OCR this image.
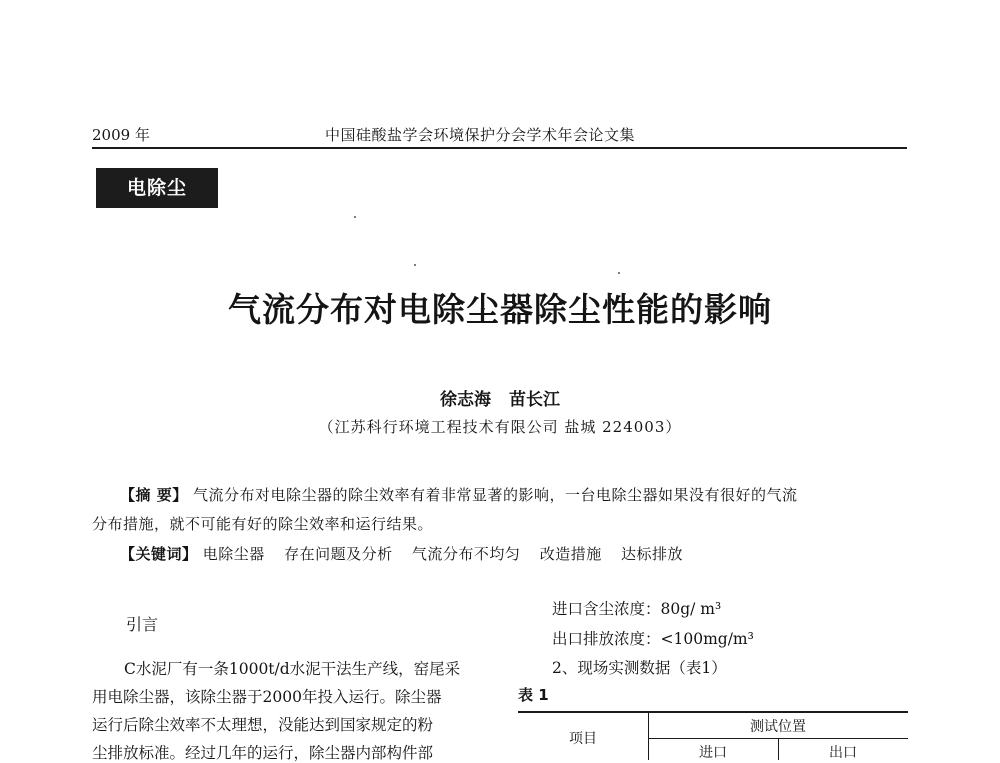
2009 年	中国硅酸盐学会环境保护分会学术年会论文集
电除尘
气流分布对电除尘器除尘性能的影响
徐志海 苗长江
（江苏科行环境工程技术有限公司 盐城 224003）
【摘 要】 气流分布对电除尘器的除尘效率有着非常显著的影响，一台电除尘器如果没有很好的气流
分布措施，就不可能有好的除尘效率和运行结果。
【关键词】 电除尘器 存在问题及分析 气流分布不均匀 改造措施 达标排放
引言
C水泥厂有一条1000t/d水泥干法生产线，窑尾采
用电除尘器，该除尘器于2000年投入运行。除尘器
运行后除尘效率不太理想，没能达到国家规定的粉
尘排放标准。经过几年的运行，除尘器内部构件部
进口含尘浓度：80g/ m³
出口排放浓度：<100mg/m³
2、现场实测数据（表1）
表 1
项目
测试位置
进口	出口
